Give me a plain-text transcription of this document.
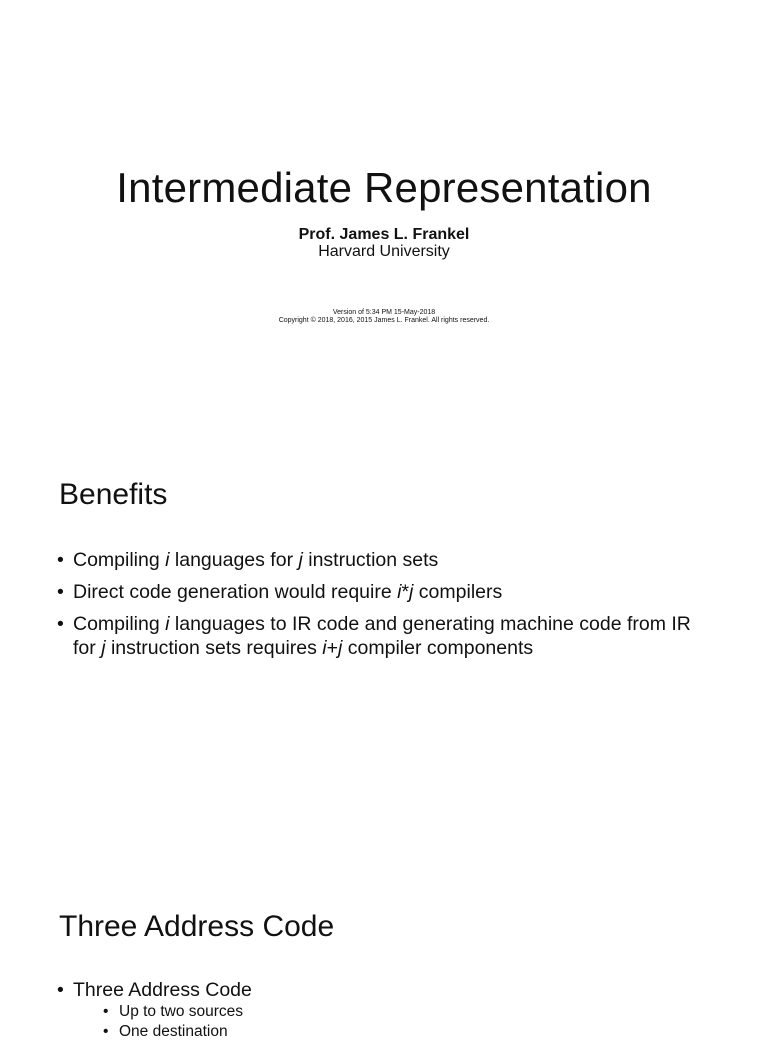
Intermediate Representation
Prof. James L. Frankel
Harvard University
Version of 5:34 PM 15-May-2018
Copyright © 2018, 2016, 2015 James L. Frankel. All rights reserved.
Benefits
• Compiling i languages for j instruction sets
• Direct code generation would require i*j compilers
• Compiling i languages to IR code and generating machine code from IR for j instruction sets requires i+j compiler components
Three Address Code
• Three Address Code
• Up to two sources
• One destination
